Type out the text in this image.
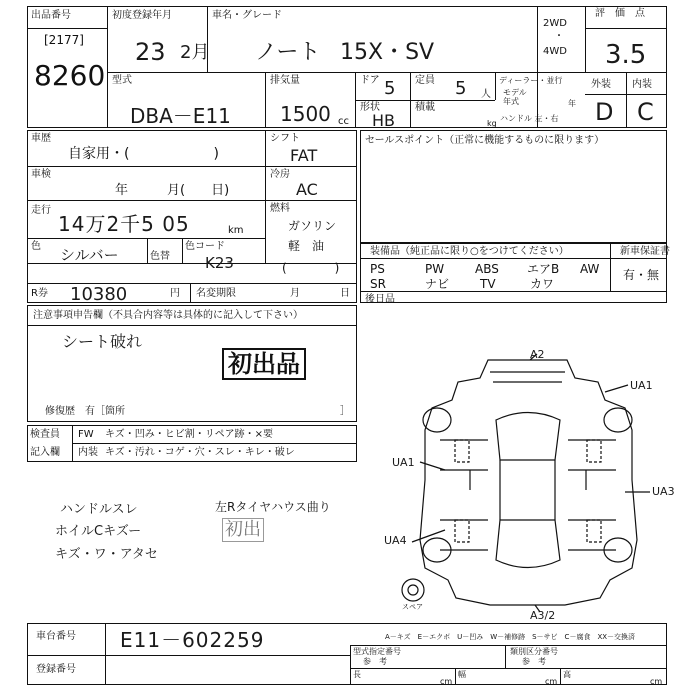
出品番号
[2177]
8260
初度登録年月
23 2月
車名・グレード
ノート 15X・SV
2WD
・
4WD
評　価　点
3.5
型式
DBA－E11
排気量
1500 cc
ドア 5 定員 5 人
ディーラー・並行
モデル
年式	年
形状
HB
積載
kg
ハンドル 左・右
外装 内装
D C
車歴
自家用・(　　　　　　)
シフト
FAT
車検
年　　　月(　　日)
冷房
AC
走行
14万2千5 05	km
燃料
ガソリン
軽　油
(　　　　)
色 シルバー	色替
色コード
K23
R券 10380	円 名変期限	月	日
セールスポイント（正常に機能するものに限ります）
装備品（純正品に限り○をつけてください）	新車保証書
有・無
PS	PW	ABS エアB AW
SR	ナビ	TV	カワ
後日品
注意事項申告欄（不具合内容等は具体的に記入して下さい）
シート破れ
初出品
修復歴　有［箇所	］
検査員
記入欄
FW キズ・凹み・ヒビ割・リペア跡・×要
内装 キズ・汚れ・コゲ・穴・スレ・キレ・破レ
ハンドルスレ
ホイルCキズー
キズ・ワ・アタセ
左Rタイヤハウス曲り
初出
A2
UA1
UA1
UA3
UA4
A3/2
スペア
車台番号 E11－602259
登録番号
A－キズ　E－エクボ　U－凹み　W－補修跡　S－サビ　C－腐食　XX－交換済
型式指定番号
参　考
類別区分番号
参　考
長
cm
幅
cm
高
cm
